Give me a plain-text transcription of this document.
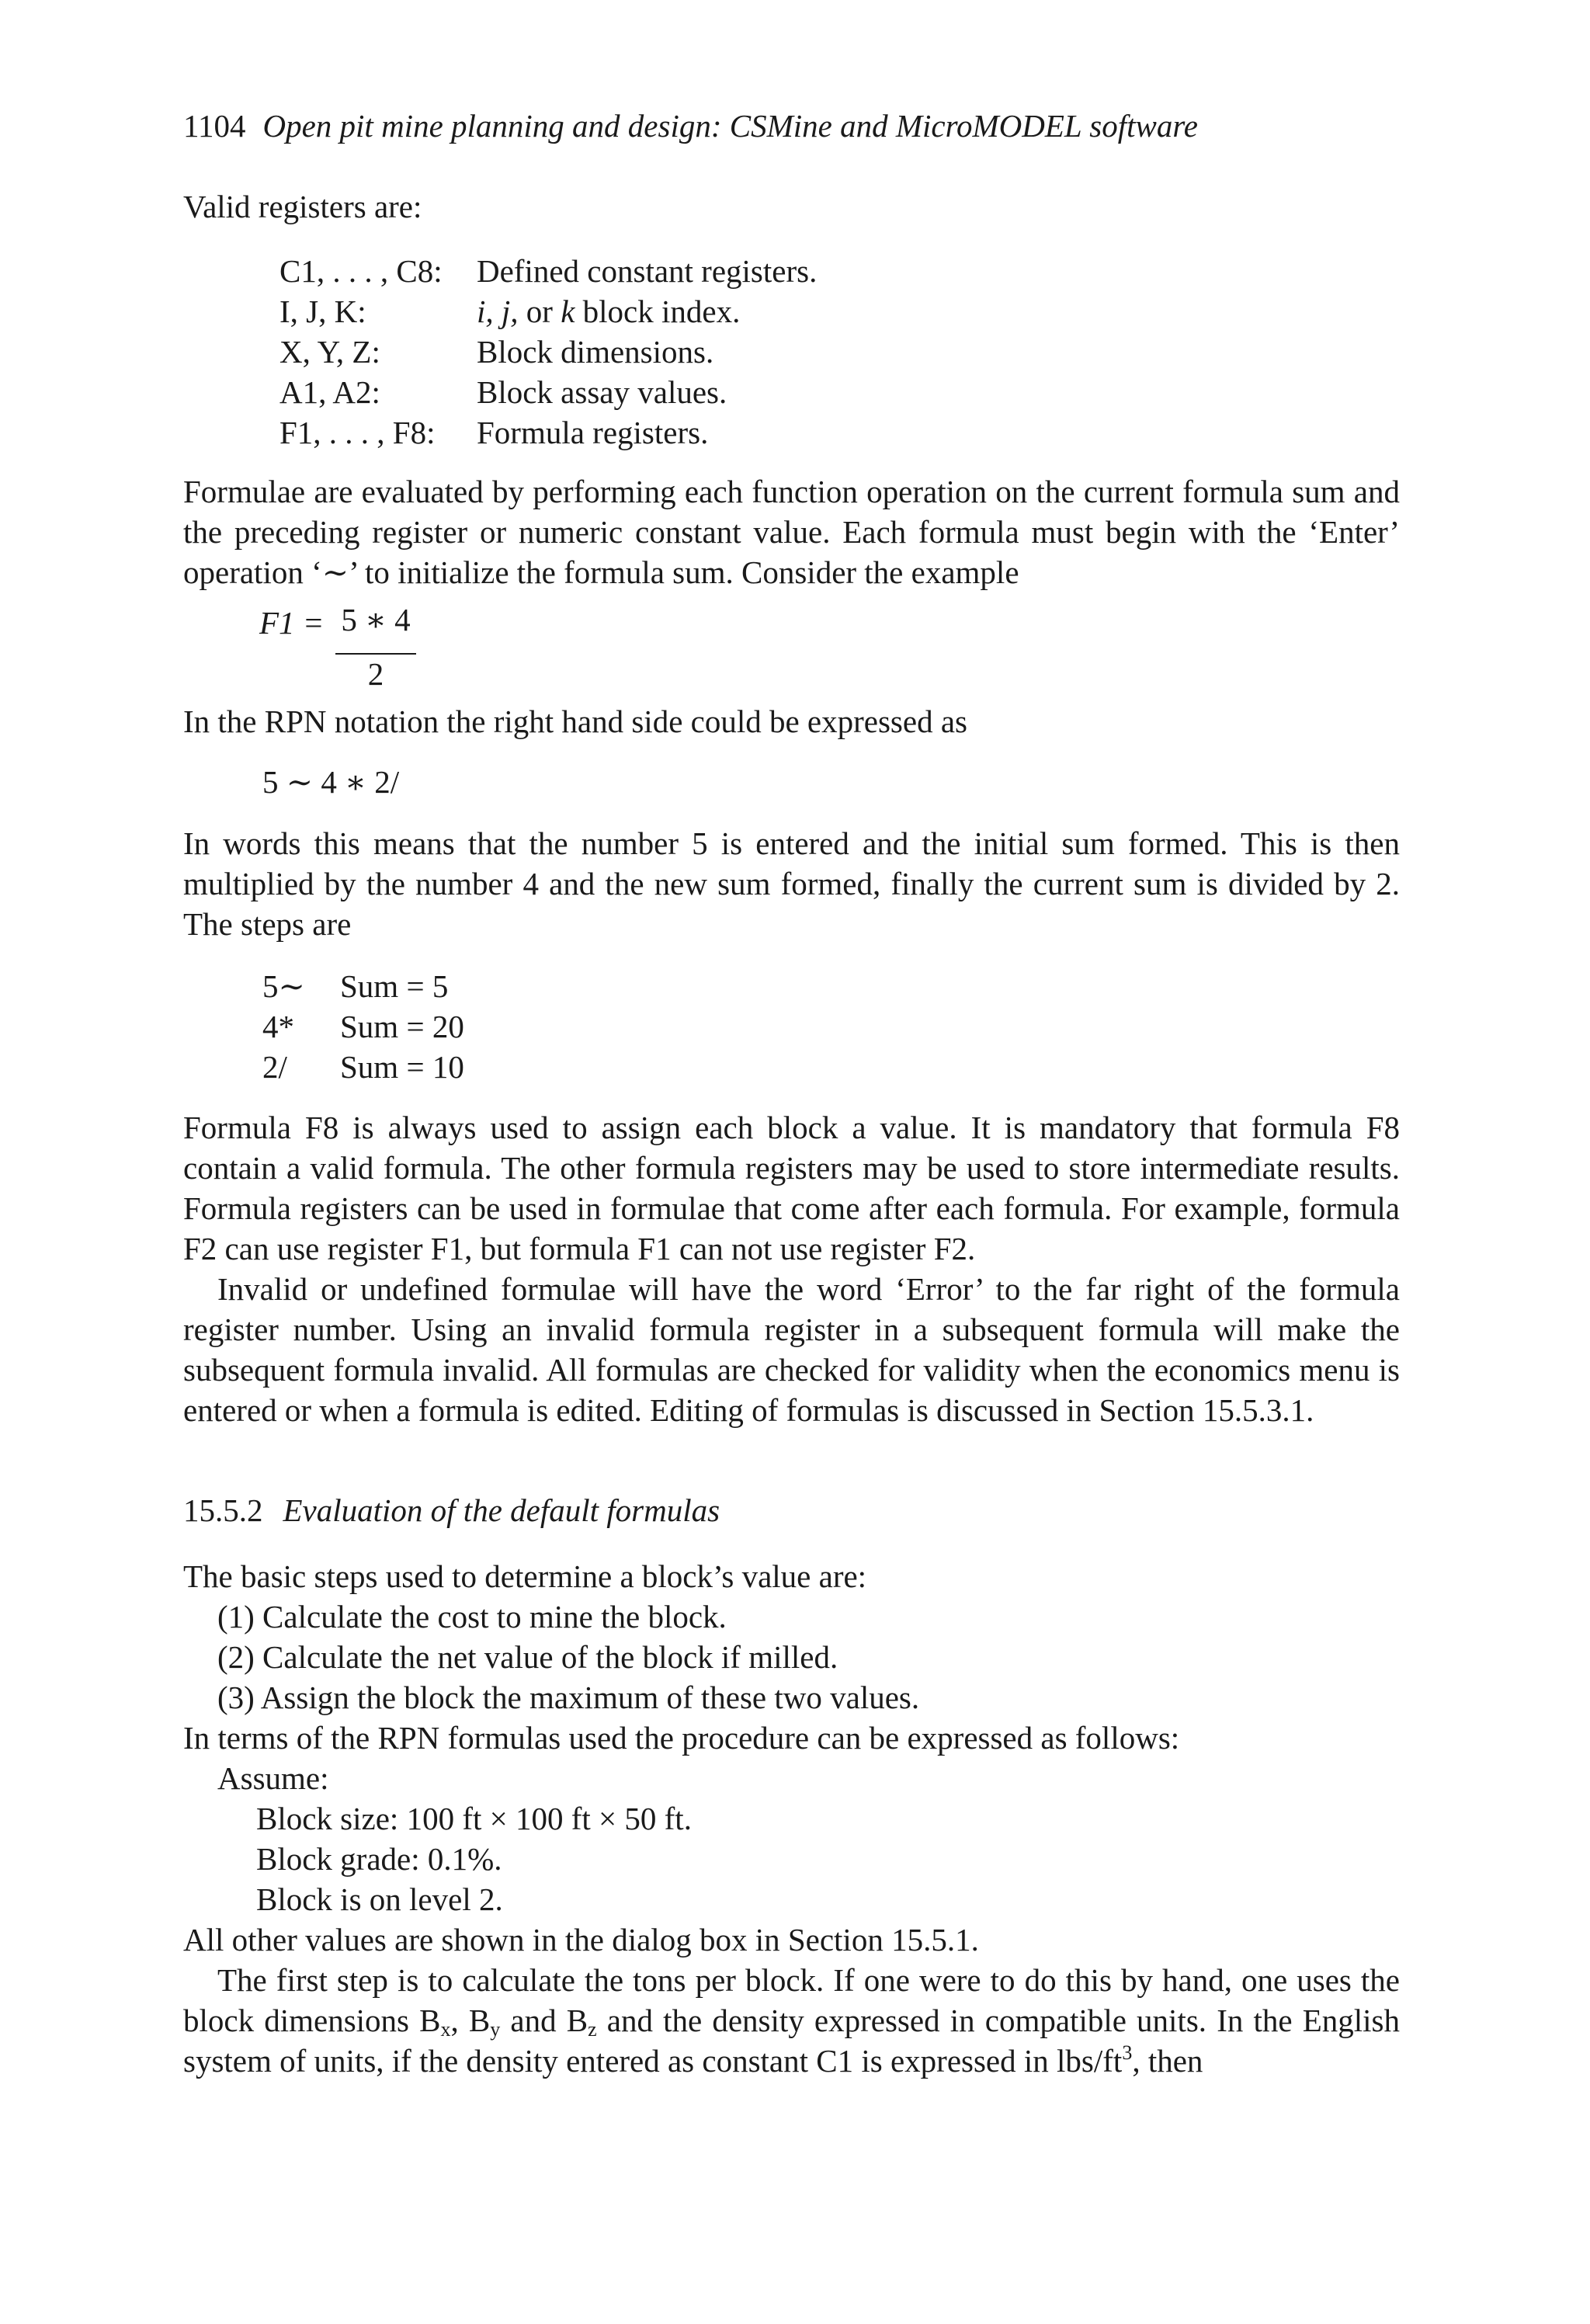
1104 Open pit mine planning and design: CSMine and MicroMODEL software

Valid registers are:

C1, . . . , C8:	Defined constant registers.
I, J, K:	i, j, or k block index.
X, Y, Z:	Block dimensions.
A1, A2:	Block assay values.
F1, . . . , F8:	Formula registers.

Formulae are evaluated by performing each function operation on the current formula sum and the preceding register or numeric constant value. Each formula must begin with the ‘Enter’ operation ‘∼’ to initialize the formula sum. Consider the example

F1 = 5 ∗ 4
2

In the RPN notation the right hand side could be expressed as

5 ∼ 4 ∗ 2/

In words this means that the number 5 is entered and the initial sum formed. This is then multiplied by the number 4 and the new sum formed, finally the current sum is divided by 2. The steps are

5∼	Sum = 5
4*	Sum = 20
2/	Sum = 10

Formula F8 is always used to assign each block a value. It is mandatory that formula F8 contain a valid formula. The other formula registers may be used to store intermediate results. Formula registers can be used in formulae that come after each formula. For example, formula F2 can use register F1, but formula F1 can not use register F2.

Invalid or undefined formulae will have the word ‘Error’ to the far right of the formula register number. Using an invalid formula register in a subsequent formula will make the subsequent formula invalid. All formulas are checked for validity when the economics menu is entered or when a formula is edited. Editing of formulas is discussed in Section 15.5.3.1.

15.5.2 Evaluation of the default formulas
The basic steps used to determine a block’s value are:
(1) Calculate the cost to mine the block.
(2) Calculate the net value of the block if milled.
(3) Assign the block the maximum of these two values.
In terms of the RPN formulas used the procedure can be expressed as follows:
Assume:
Block size: 100 ft × 100 ft × 50 ft.
Block grade: 0.1%.
Block is on level 2.
All other values are shown in the dialog box in Section 15.5.1.

The first step is to calculate the tons per block. If one were to do this by hand, one uses the block dimensions $B_x$, $B_y$ and $B_z$ and the density expressed in compatible units. In the English system of units, if the density entered as constant C1 is expressed in lbs/$ft^3$, then
